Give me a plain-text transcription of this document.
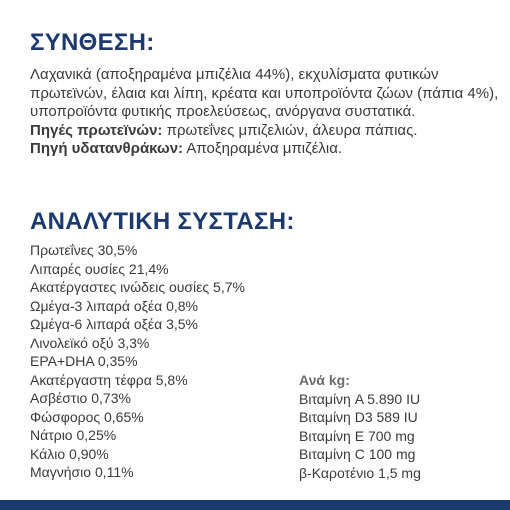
ΣΥΝΘΕΣΗ:

Λαχανικά (αποξηραμένα μπιζέλια 44%), εκχυλίσματα φυτικών πρωτεϊνών, έλαια και λίπη, κρέατα και υποπροϊόντα ζώων (πάπια 4%), υποπροϊόντα φυτικής προελεύσεως, ανόργανα συστατικά.

Πηγές πρωτεϊνών: πρωτεΐνες μπιζελιών, άλευρα πάπιας.

Πηγή υδατανθράκων: Αποξηραμένα μπιζέλια.

ΑΝΑΛΥΤΙΚΗ ΣΥΣΤΑΣΗ:
Πρωτεΐνες 30,5%
Λιπαρές ουσίες 21,4%
Ακατέργαστες ινώδεις ουσίες 5,7%
Ωμέγα-3 λιπαρά οξέα 0,8%
Ωμέγα-6 λιπαρά οξέα 3,5%
Λινολεϊκό οξύ 3,3%
EPA+DHA 0,35%
Ακατέργαστη τέφρα 5,8%
Ασβέστιο 0,73%
Φώσφορος 0,65%
Νάτριο 0,25%
Κάλιο 0,90%
Μαγνήσιο 0,11%
Ανά kg:
Βιταμίνη A 5.890 IU
Βιταμίνη D3 589 IU
Βιταμίνη E 700 mg
Βιταμίνη C 100 mg
β-Καροτένιο 1,5 mg
